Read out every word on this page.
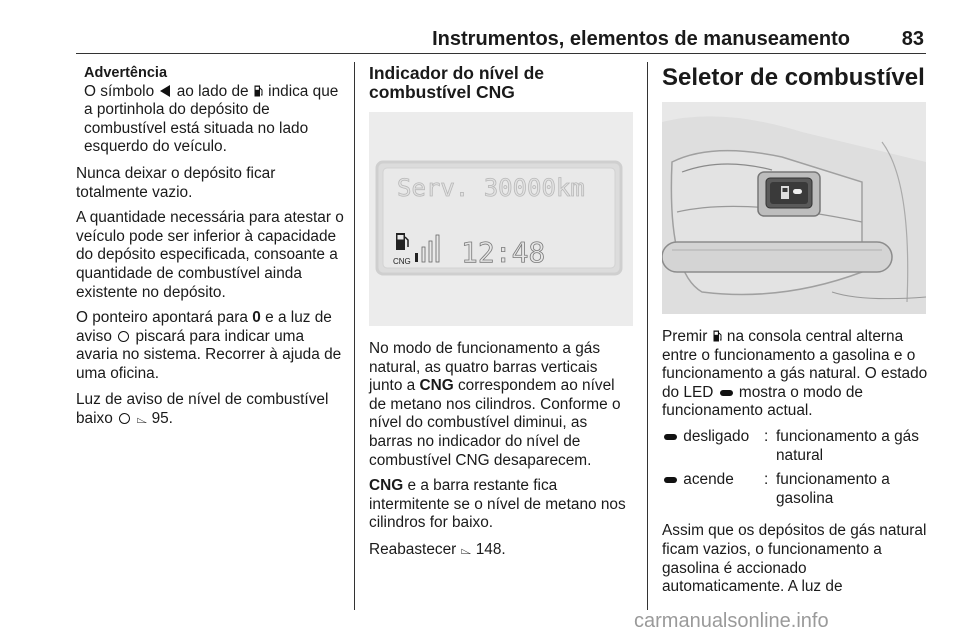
Instrumentos, elementos de manuseamento	83
Advertência
O símbolo ao lado de indica que a portinhola do depósito de combustível está situada no lado esquerdo do veículo.

Nunca deixar o depósito ficar totalmente vazio.

A quantidade necessária para atestar o veículo pode ser inferior à capacidade do depósito especificada, consoante a quantidade de combustível ainda existente no depósito.

O ponteiro apontará para 0 e a luz de aviso piscará para indicar uma avaria no sistema. Recorrer à ajuda de uma oficina.

Luz de aviso de nível de combustível baixo ⌳ 95.

Indicador do nível de combustível CNG
Serv. 30000km
CNG 12:48

No modo de funcionamento a gás natural, as quatro barras verticais junto a CNG correspondem ao nível de metano nos cilindros. Conforme o nível do combustível diminui, as barras no indicador do nível de combustível CNG desaparecem.

CNG e a barra restante fica intermitente se o nível de metano nos cilindros for baixo.

Reabastecer ⌳ 148.

Seletor de combustível

Premir na consola central alterna entre o funcionamento a gasolina e o funcionamento a gás natural. O estado do LED mostra o modo de funcionamento actual.

desligado : funcionamento a gás natural
acende	: funcionamento a gasolina

Assim que os depósitos de gás natural ficam vazios, o funcionamento a gasolina é accionado automaticamente. A luz de

carmanualsonline.info
